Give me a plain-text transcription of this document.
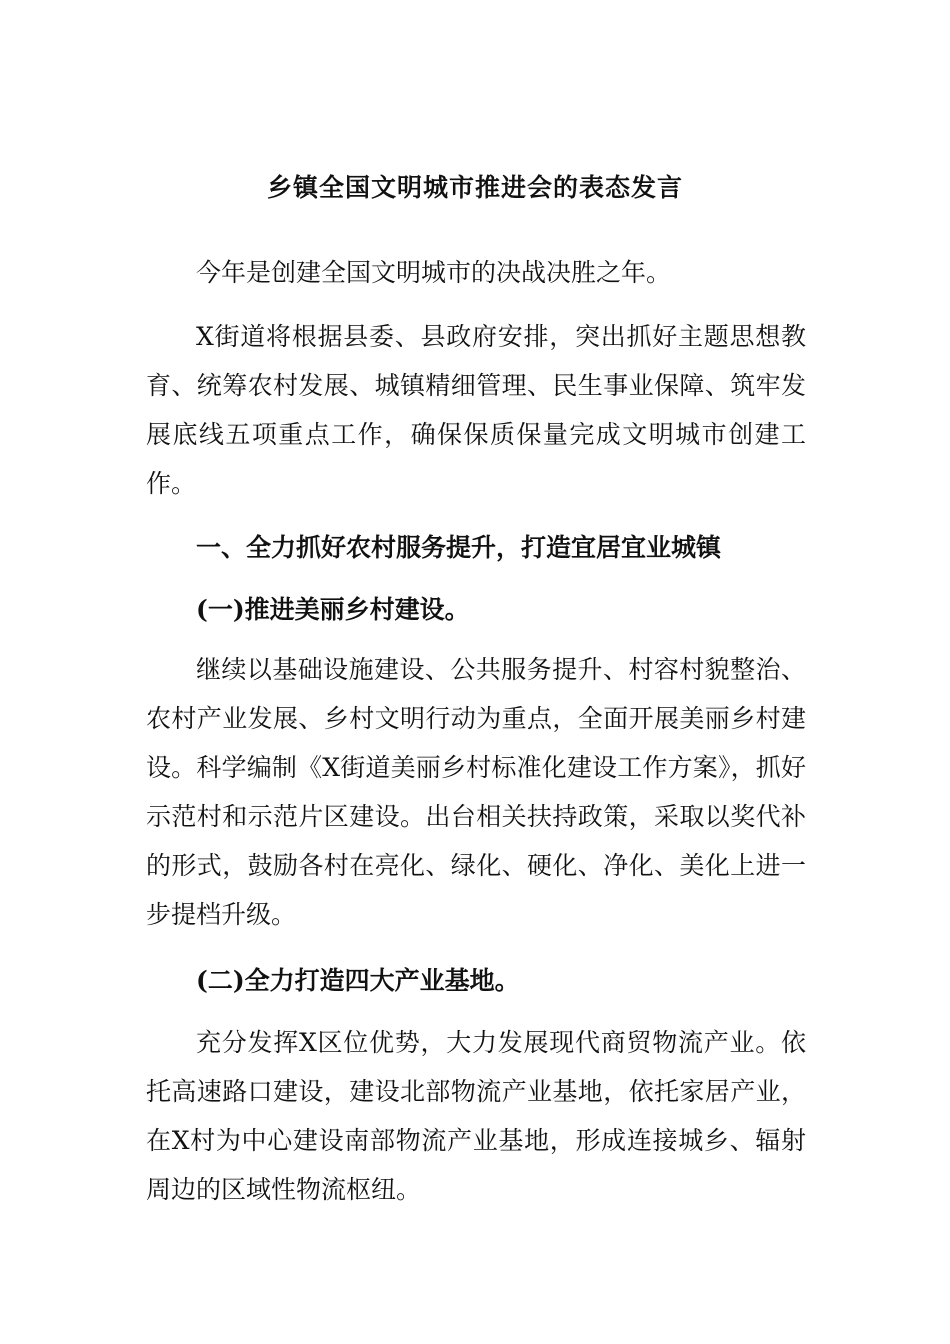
乡镇全国文明城市推进会的表态发言

今年是创建全国文明城市的决战决胜之年。

X街道将根据县委、县政府安排，突出抓好主题思想教育、统筹农村发展、城镇精细管理、民生事业保障、筑牢发展底线五项重点工作，确保保质保量完成文明城市创建工作。

一、全力抓好农村服务提升，打造宜居宜业城镇

(一)推进美丽乡村建设。

继续以基础设施建设、公共服务提升、村容村貌整治、农村产业发展、乡村文明行动为重点，全面开展美丽乡村建设。科学编制《X街道美丽乡村标准化建设工作方案》，抓好示范村和示范片区建设。出台相关扶持政策，采取以奖代补的形式，鼓励各村在亮化、绿化、硬化、净化、美化上进一步提档升级。

(二)全力打造四大产业基地。

充分发挥X区位优势，大力发展现代商贸物流产业。依托高速路口建设，建设北部物流产业基地，依托家居产业，在X村为中心建设南部物流产业基地，形成连接城乡、辐射周边的区域性物流枢纽。
